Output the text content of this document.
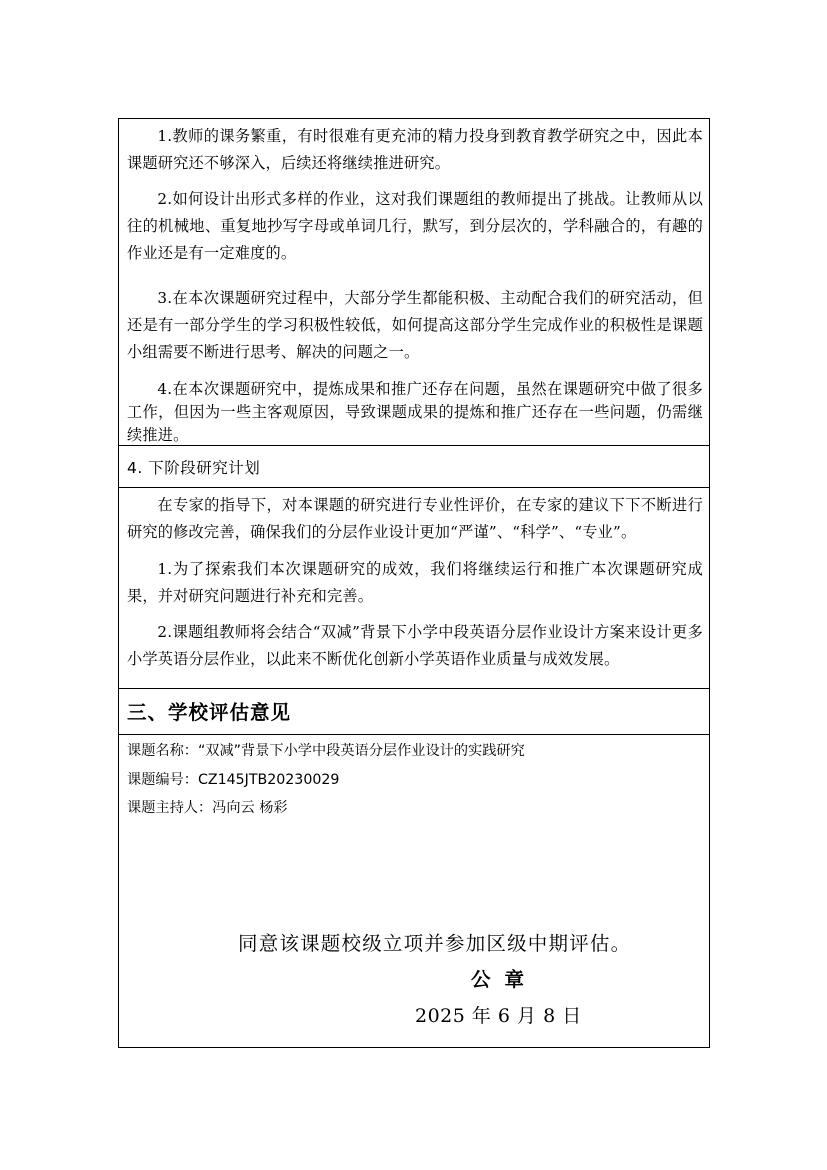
1.教师的课务繁重，有时很难有更充沛的精力投身到教育教学研究之中，因此本课题研究还不够深入，后续还将继续推进研究。

2.如何设计出形式多样的作业，这对我们课题组的教师提出了挑战。让教师从以往的机械地、重复地抄写字母或单词几行，默写，到分层次的，学科融合的，有趣的作业还是有一定难度的。

3.在本次课题研究过程中，大部分学生都能积极、主动配合我们的研究活动，但还是有一部分学生的学习积极性较低，如何提高这部分学生完成作业的积极性是课题小组需要不断进行思考、解决的问题之一。

4.在本次课题研究中，提炼成果和推广还存在问题，虽然在课题研究中做了很多工作，但因为一些主客观原因，导致课题成果的提炼和推广还存在一些问题，仍需继续推进。

4. 下阶段研究计划

在专家的指导下，对本课题的研究进行专业性评价，在专家的建议下下不断进行研究的修改完善，确保我们的分层作业设计更加“严谨”、“科学”、“专业”。

1.为了探索我们本次课题研究的成效，我们将继续运行和推广本次课题研究成果，并对研究问题进行补充和完善。

2.课题组教师将会结合“双减”背景下小学中段英语分层作业设计方案来设计更多小学英语分层作业，以此来不断优化创新小学英语作业质量与成效发展。

三、学校评估意见
课题名称：“双减”背景下小学中段英语分层作业设计的实践研究
课题编号：CZ145JTB20230029
课题主持人：冯向云 杨彩
同意该课题校级立项并参加区级中期评估。
公章
2025 年 6 月 8 日
